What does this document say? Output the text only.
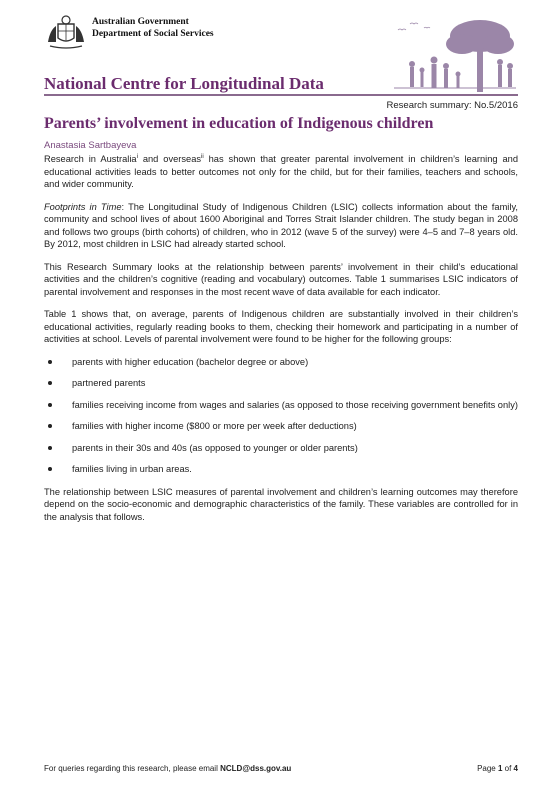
Australian Government
Department of Social Services
National Centre for Longitudinal Data
Research summary: No.5/2016
Parents’ involvement in education of Indigenous children
Anastasia Sartbayeva

Research in Australia$^i$ and overseas$^{ii}$ has shown that greater parental involvement in children’s learning and educational activities leads to better outcomes not only for the child, but for their families, teachers and schools, and wider community.

Footprints in Time: The Longitudinal Study of Indigenous Children (LSIC) collects information about the family, community and school lives of about 1600 Aboriginal and Torres Strait Islander children. The study began in 2008 and follows two groups (birth cohorts) of children, who in 2012 (wave 5 of the survey) were 4–5 and 7–8 years old. By 2012, most children in LSIC had already started school.

This Research Summary looks at the relationship between parents’ involvement in their child’s educational activities and the children’s cognitive (reading and vocabulary) outcomes. Table 1 summarises LSIC indicators of parental involvement and responses in the most recent wave of data available for each indicator.

Table 1 shows that, on average, parents of Indigenous children are substantially involved in their children’s educational activities, regularly reading books to them, checking their homework and participating in a number of activities at school. Levels of parental involvement were found to be higher for the following groups:

parents with higher education (bachelor degree or above)
partnered parents
families receiving income from wages and salaries (as opposed to those receiving government benefits only)
families with higher income ($800 or more per week after deductions)
parents in their 30s and 40s (as opposed to younger or older parents)
families living in urban areas.

The relationship between LSIC measures of parental involvement and children’s learning outcomes may therefore depend on the socio-economic and demographic characteristics of the family. These variables are controlled for in the analysis that follows.

For queries regarding this research, please email NCLD@dss.gov.au	Page 1 of 4
